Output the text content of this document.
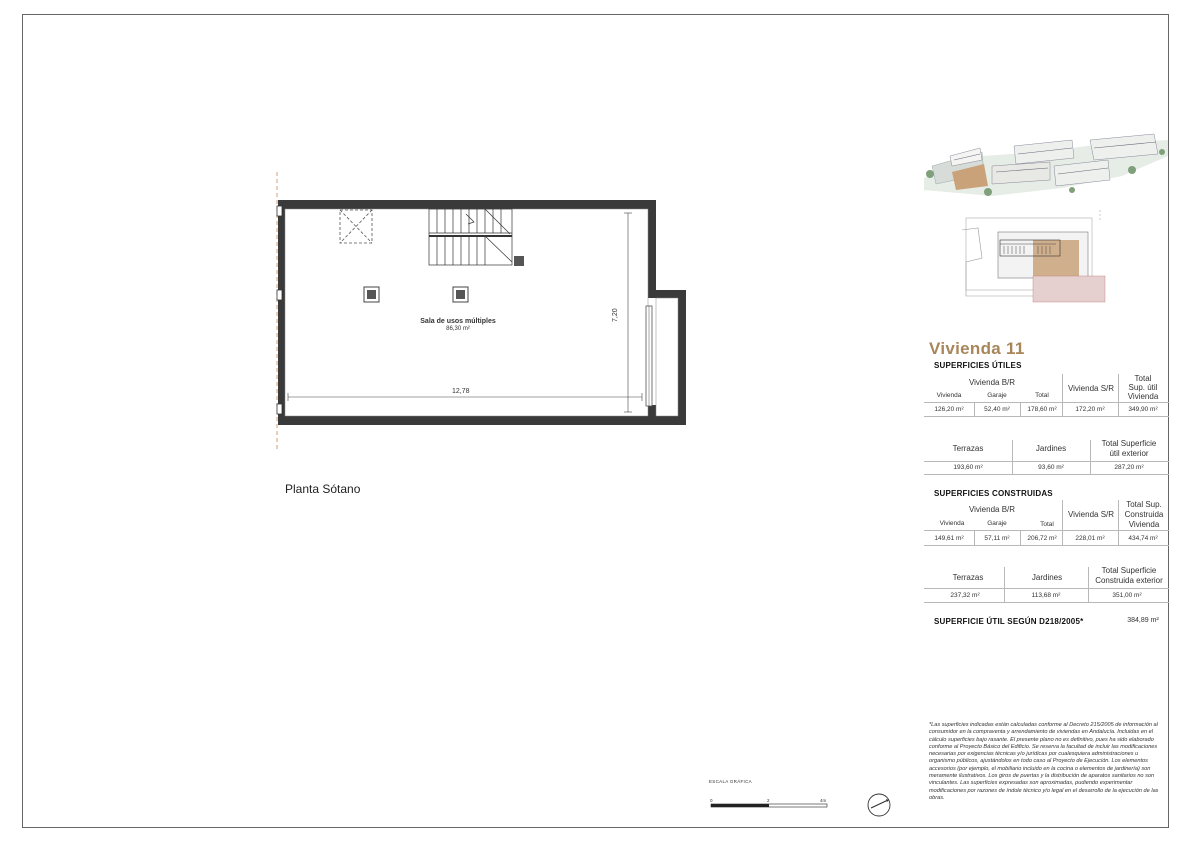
12,78
7,20
Sala de usos múltiples
86,30 m²
Planta Sótano
Vivienda 11
SUPERFICIES ÚTILES
Vivienda B/R
Vivienda S/R
Total
Sup. útil
Vivienda
Vivienda	Garaje	Total
126,20 m²	52,40 m²	178,60 m²	172,20 m²	349,90 m²
Terrazas	Jardines
Total Superficie
útil exterior
193,60 m²	93,60 m²	287,20 m²
SUPERFICIES CONSTRUIDAS
Vivienda B/R
Vivienda S/R
Total Sup.
Construida
Vivienda
Vivienda	Garaje	Total
149,61 m²	57,11 m²	206,72 m²	228,01 m²	434,74 m²
Terrazas	Jardines
Total Superficie
Construida exterior
237,32 m²	113,68 m²	351,00 m²
SUPERFICIE ÚTIL SEGÚN D218/2005*	384,89 m²
*Las superficies indicadas están calculadas conforme al Decreto 215/2005 de información al consumidor en la compraventa y arrendamiento de viviendas en Andalucía. Incluidas en el cálculo superficies bajo rasante. El presente plano no es definitivo, pues ha sido elaborado conforme al Proyecto Básico del Edificio. Se reserva la facultad de incluir las modificaciones necesarias por exigencias técnicas y/o jurídicas por cualesquiera administraciones u organismo públicos, ajustándolos en todo caso al Proyecto de Ejecución. Los elementos accesorios (por ejemplo, el mobiliario incluido en la cocina o elementos de jardinería) son meramente ilustrativos. Los giros de puertas y la distribución de aparatos sanitarios no son vinculantes. Las superficies expresadas son aproximadas, pudiendo experimentar modificaciones por razones de índole técnico y/o legal en el desarrollo de la ejecución de las obras.
ESCALA GRÁFICA
0	2	4m
